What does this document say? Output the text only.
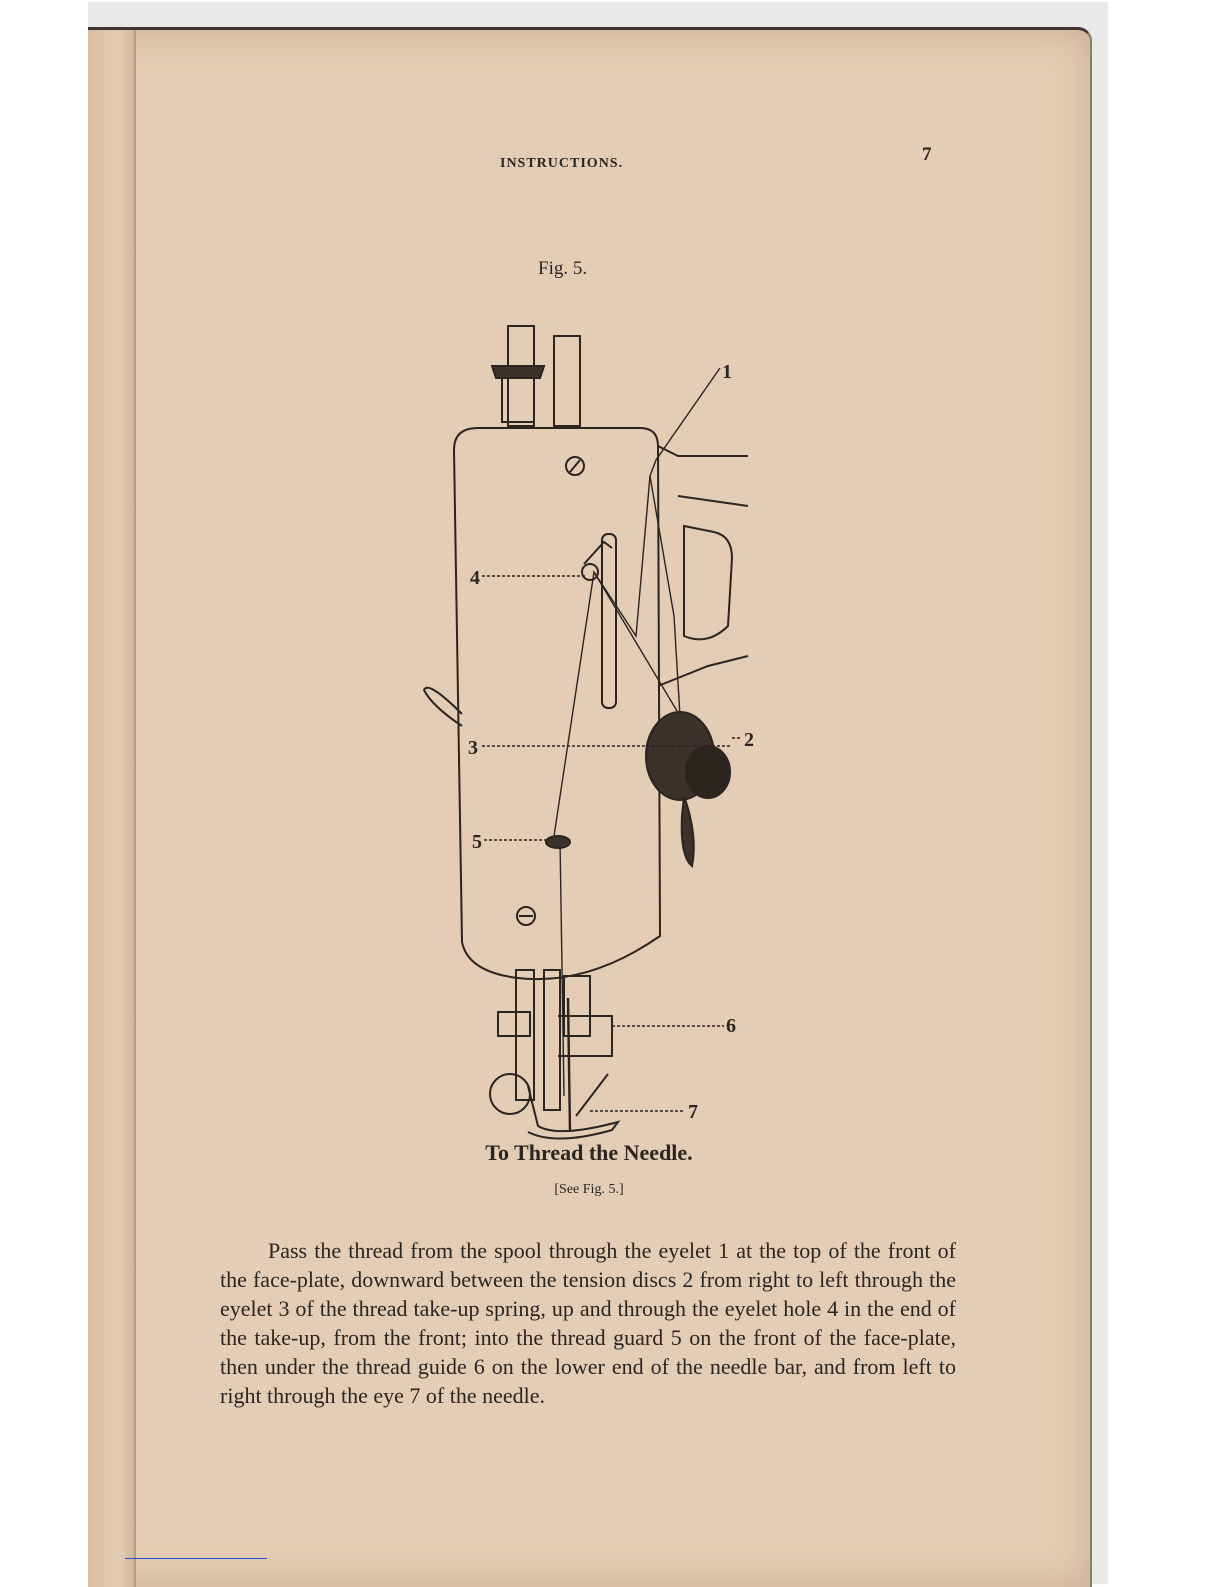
INSTRUCTIONS.	7
Fig. 5.
1
2
3
4
5
6
7
To Thread the Needle.
[See Fig. 5.]

Pass the thread from the spool through the eyelet 1 at the top of the front of the face-plate, downward between the tension discs 2 from right to left through the eyelet 3 of the thread take-up spring, up and through the eyelet hole 4 in the end of the take-up, from the front; into the thread guard 5 on the front of the face-plate, then under the thread guide 6 on the lower end of the needle bar, and from left to right through the eye 7 of the needle.
